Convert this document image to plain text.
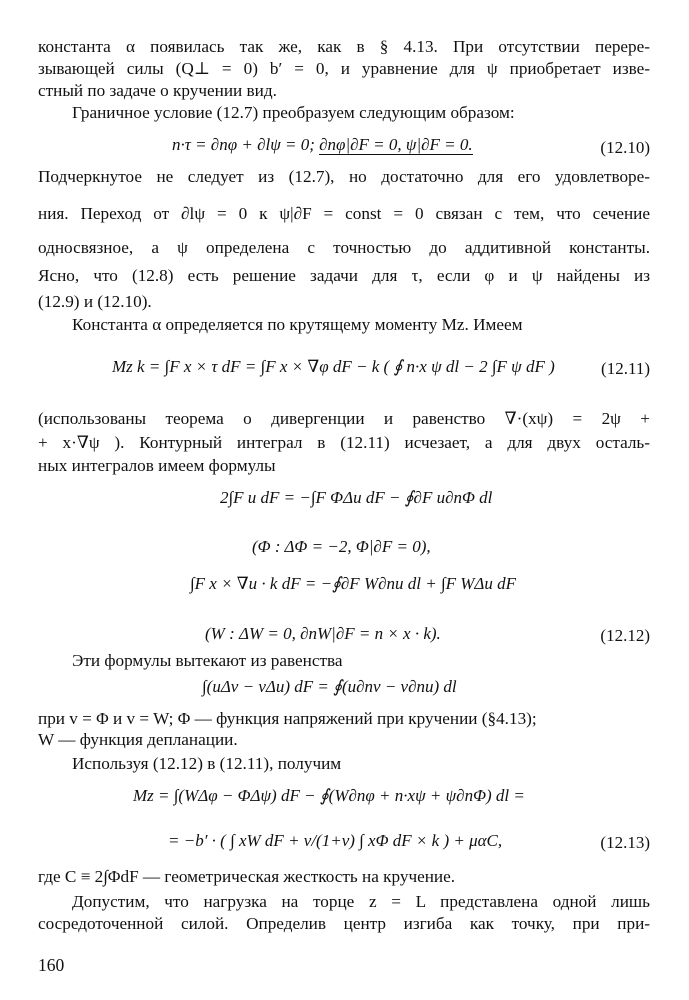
константа α появилась так же, как в § 4.13. При отсутствии перере-
зывающей силы (Q⊥ = 0) b′ = 0, и уравнение для ψ приобретает изве-
стный по задаче о кручении вид.
Граничное условие (12.7) преобразуем следующим образом:
n·τ = ∂nφ + ∂lψ = 0; ∂nφ|∂F = 0, ψ|∂F = 0.	(12.10)
Подчеркнутое не следует из (12.7), но достаточно для его удовлетворе-
ния. Переход от ∂lψ = 0 к ψ|∂F = const = 0 связан с тем, что сечение
односвязное, а ψ определена с точностью до аддитивной константы.
Ясно, что (12.8) есть решение задачи для τ, если φ и ψ найдены из
(12.9) и (12.10).
Константа α определяется по крутящему моменту Mz. Имеем
Mz k = ∫F x × τ dF = ∫F x × ∇φ dF − k ( ∮ n·x ψ dl − 2 ∫F ψ dF )	(12.11)
(использованы теорема о дивергенции и равенство ∇·(xψ) = 2ψ +
+ x·∇ψ ). Контурный интеграл в (12.11) исчезает, а для двух осталь-
ных интегралов имеем формулы
2∫F u dF = −∫F ΦΔu dF − ∮∂F u∂nΦ dl
(Φ : ΔΦ = −2, Φ|∂F = 0),
∫F x × ∇u · k dF = −∮∂F W∂nu dl + ∫F WΔu dF
(W : ΔW = 0, ∂nW|∂F = n × x · k).	(12.12)
Эти формулы вытекают из равенства
∫(uΔv − vΔu) dF = ∮(u∂nv − v∂nu) dl
при v = Φ и v = W; Φ — функция напряжений при кручении (§4.13);
W — функция депланации.
Используя (12.12) в (12.11), получим
Mz = ∫(WΔφ − ΦΔψ) dF − ∮(W∂nφ + n·xψ + ψ∂nΦ) dl =
= −b′ · ( ∫ xW dF + ν/(1+ν) ∫ xΦ dF × k ) + μαC,	(12.13)
где C ≡ 2∫ΦdF — геометрическая жесткость на кручение.
Допустим, что нагрузка на торце z = L представлена одной лишь
сосредоточенной силой. Определив центр изгиба как точку, при при-
160
